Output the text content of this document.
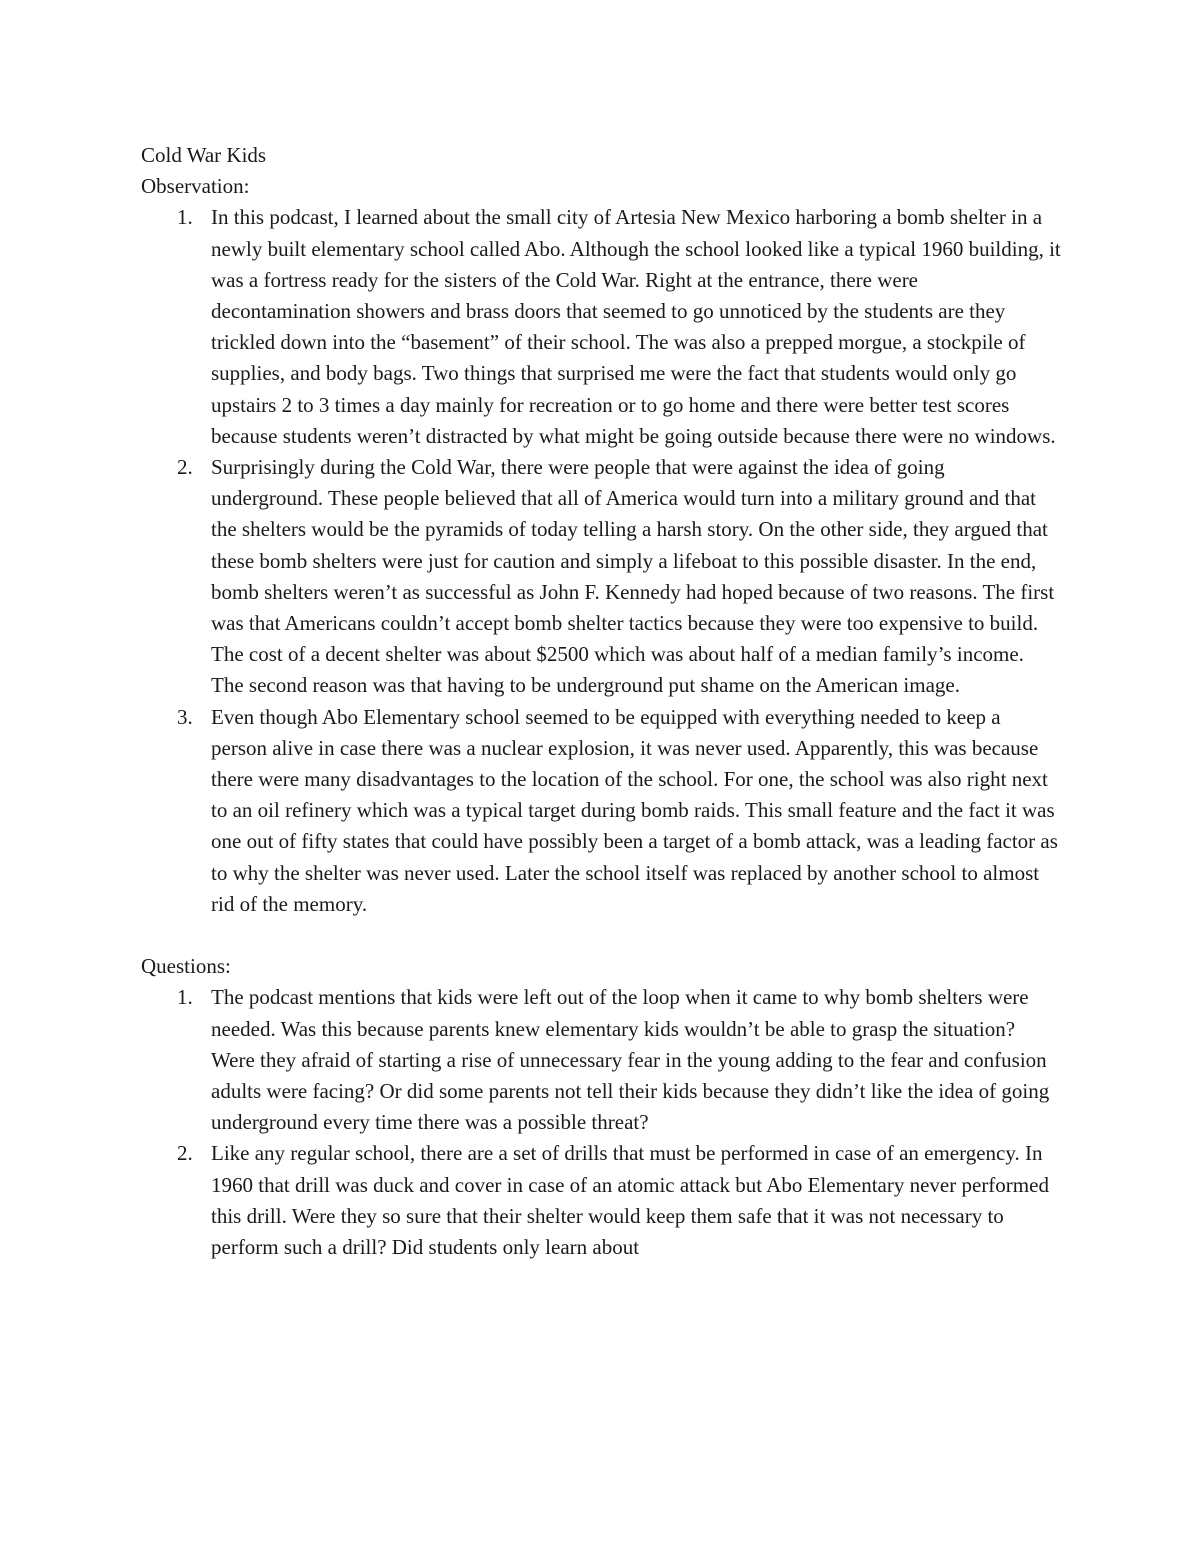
Cold War Kids

Observation:

1. In this podcast, I learned about the small city of Artesia New Mexico harboring a bomb shelter in a newly built elementary school called Abo. Although the school looked like a typical 1960 building, it was a fortress ready for the sisters of the Cold War. Right at the entrance, there were decontamination showers and brass doors that seemed to go unnoticed by the students are they trickled down into the “basement” of their school. The was also a prepped morgue, a stockpile of supplies, and body bags. Two things that surprised me were the fact that students would only go upstairs 2 to 3 times a day mainly for recreation or to go home and there were better test scores because students weren’t distracted by what might be going outside because there were no windows.
2. Surprisingly during the Cold War, there were people that were against the idea of going underground. These people believed that all of America would turn into a military ground and that the shelters would be the pyramids of today telling a harsh story. On the other side, they argued that these bomb shelters were just for caution and simply a lifeboat to this possible disaster. In the end, bomb shelters weren’t as successful as John F. Kennedy had hoped because of two reasons. The first was that Americans couldn’t accept bomb shelter tactics because they were too expensive to build. The cost of a decent shelter was about $2500 which was about half of a median family’s income. The second reason was that having to be underground put shame on the American image.
3. Even though Abo Elementary school seemed to be equipped with everything needed to keep a person alive in case there was a nuclear explosion, it was never used. Apparently, this was because there were many disadvantages to the location of the school. For one, the school was also right next to an oil refinery which was a typical target during bomb raids. This small feature and the fact it was one out of fifty states that could have possibly been a target of a bomb attack, was a leading factor as to why the shelter was never used. Later the school itself was replaced by another school to almost rid of the memory.

Questions:

1. The podcast mentions that kids were left out of the loop when it came to why bomb shelters were needed. Was this because parents knew elementary kids wouldn’t be able to grasp the situation? Were they afraid of starting a rise of unnecessary fear in the young adding to the fear and confusion adults were facing? Or did some parents not tell their kids because they didn’t like the idea of going underground every time there was a possible threat?
2. Like any regular school, there are a set of drills that must be performed in case of an emergency. In 1960 that drill was duck and cover in case of an atomic attack but Abo Elementary never performed this drill. Were they so sure that their shelter would keep them safe that it was not necessary to perform such a drill? Did students only learn about
